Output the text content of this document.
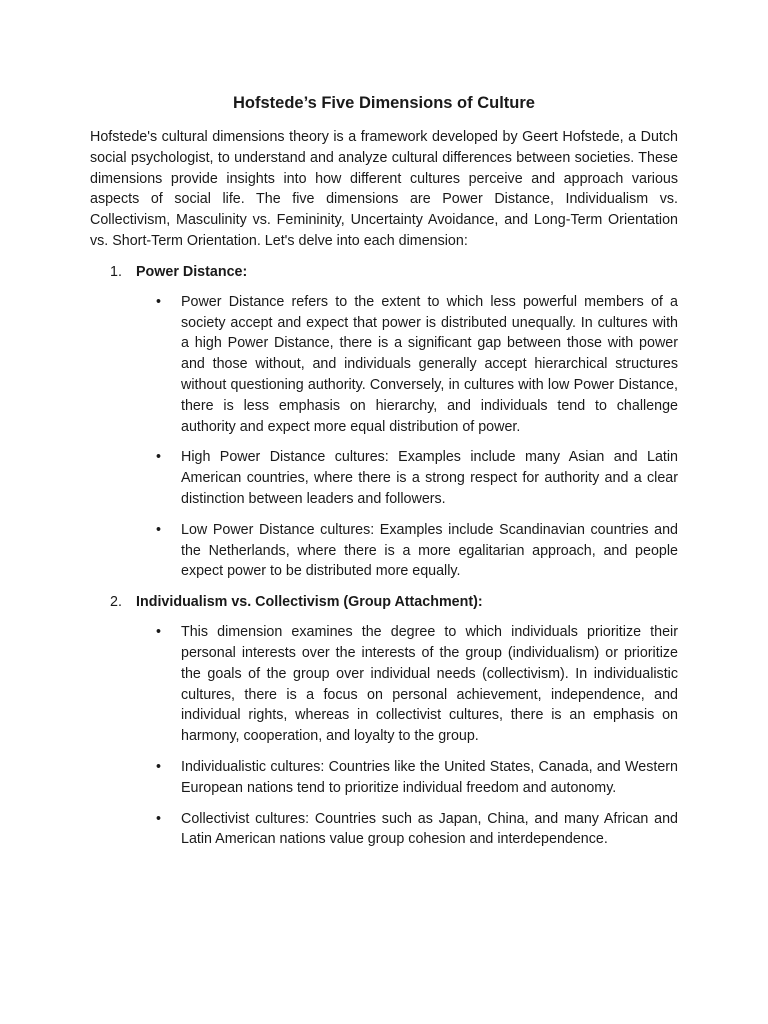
Hofstede’s Five Dimensions of Culture

Hofstede's cultural dimensions theory is a framework developed by Geert Hofstede, a Dutch social psychologist, to understand and analyze cultural differences between societies. These dimensions provide insights into how different cultures perceive and approach various aspects of social life. The five dimensions are Power Distance, Individualism vs. Collectivism, Masculinity vs. Femininity, Uncertainty Avoidance, and Long-Term Orientation vs. Short-Term Orientation. Let's delve into each dimension:

1. Power Distance:
• Power Distance refers to the extent to which less powerful members of a society accept and expect that power is distributed unequally. In cultures with a high Power Distance, there is a significant gap between those with power and those without, and individuals generally accept hierarchical structures without questioning authority. Conversely, in cultures with low Power Distance, there is less emphasis on hierarchy, and individuals tend to challenge authority and expect more equal distribution of power.
• High Power Distance cultures: Examples include many Asian and Latin American countries, where there is a strong respect for authority and a clear distinction between leaders and followers.
• Low Power Distance cultures: Examples include Scandinavian countries and the Netherlands, where there is a more egalitarian approach, and people expect power to be distributed more equally.
2. Individualism vs. Collectivism (Group Attachment):
• This dimension examines the degree to which individuals prioritize their personal interests over the interests of the group (individualism) or prioritize the goals of the group over individual needs (collectivism). In individualistic cultures, there is a focus on personal achievement, independence, and individual rights, whereas in collectivist cultures, there is an emphasis on harmony, cooperation, and loyalty to the group.
• Individualistic cultures: Countries like the United States, Canada, and Western European nations tend to prioritize individual freedom and autonomy.
• Collectivist cultures: Countries such as Japan, China, and many African and Latin American nations value group cohesion and interdependence.
